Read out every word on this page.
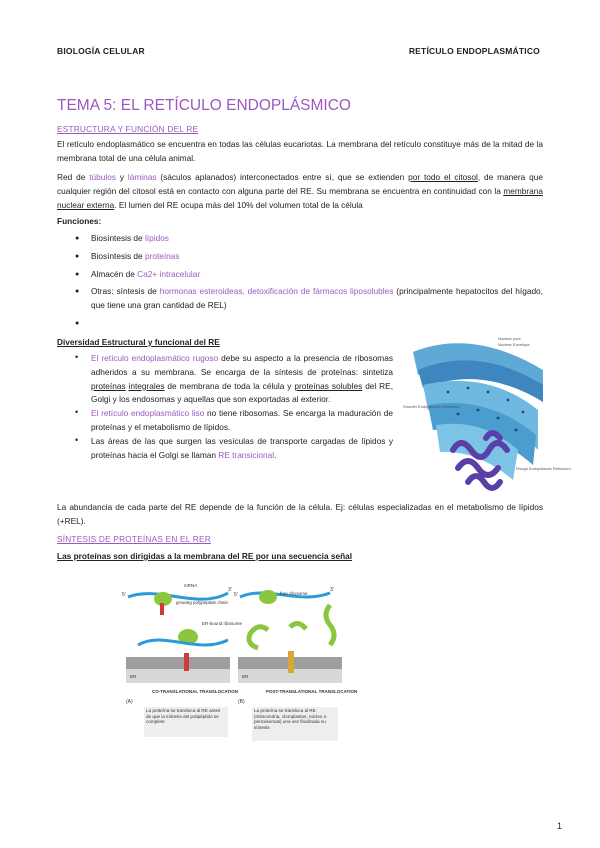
BIOLOGÍA CELULAR	RETÍCULO ENDOPLASMÁTICO
TEMA 5: EL RETÍCULO ENDOPLÁSMICO
ESTRUCTURA Y FUNCIÓN DEL RE

El retículo endoplasmático se encuentra en todas las células eucariotas. La membrana del retículo constituye más de la mitad de la membrana total de una célula animal.

Red de túbulos y láminas (sáculos aplanados) interconectados entre sí, que se extienden por todo el citosol, de manera que cualquier región del citosol está en contacto con alguna parte del RE. Su membrana se encuentra en continuidad con la membrana nuclear externa. El lumen del RE ocupa más del 10% del volumen total de la célula

Funciones:
● Biosíntesis de lípidos
● Biosíntesis de proteínas
● Almacén de Ca2+ intracelular
● Otras: síntesis de hormonas esteroideas, detoxificación de fármacos liposolubles (principalmente hepatocitos del hígado, que tiene una gran cantidad de REL)
●
Diversidad Estructural y funcional del RE
• El retículo endoplasmático rugoso debe su aspecto a la presencia de ribosomas adheridos a su membrana. Se encarga de la síntesis de proteínas: sintetiza proteínas integrales de membrana de toda la célula y proteínas solubles del RE, Golgi y los endosomas y aquellas que son exportadas al exterior.
• El retículo endoplasmático liso no tiene ribosomas. Se encarga la maduración de proteínas y el metabolismo de lípidos.
• Las áreas de las que surgen las vesículas de transporte cargadas de lípidos y proteínas hacia el Golgi se llaman RE transicional.
Nuclear pore
Nuclear Envelope
Smooth Endoplasmic Reticulum
Rough Endoplasmic Reticulum

La abundancia de cada parte del RE depende de la función de la célula. Ej: células especializadas en el metabolismo de lípidos (+REL).

SÍNTESIS DE PROTEÍNAS EN EL RER
Las proteínas son dirigidas a la membrana del RE por una secuencia señal
5'
3'
mRNA
growing polypeptide chain
ER-bound ribosome
ER
(A)
CO-TRANSLATIONAL TRANSLOCATION
La proteína se transloca al RE antes de que la síntesis del polipéptido se complete
5'
3'
free ribosome
ER
(B)
POST-TRANSLATIONAL TRANSLOCATION
La proteína se transloca al RE (mitocondria, cloroplastos, núcleo o peroxisomas) una vez finalizada su síntesis
1
